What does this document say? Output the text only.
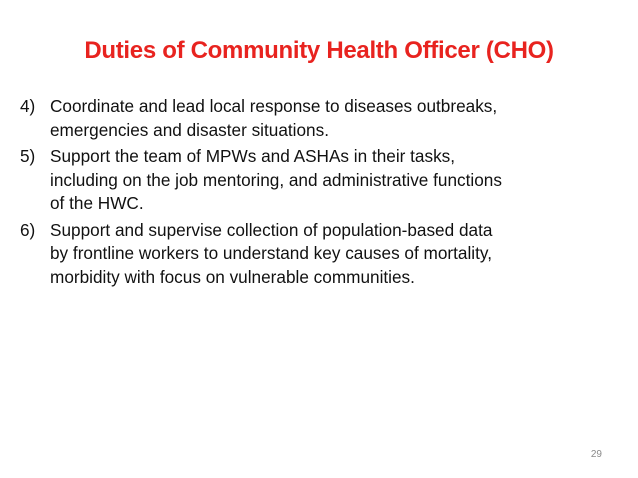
Duties of Community Health Officer (CHO)
4) Coordinate and lead local response to diseases outbreaks,
emergencies and disaster situations.
5) Support the team of MPWs and ASHAs in their tasks,
including on the job mentoring, and administrative functions
of the HWC.
6) Support and supervise collection of population-based data
by frontline workers to understand key causes of mortality,
morbidity with focus on vulnerable communities.
29
